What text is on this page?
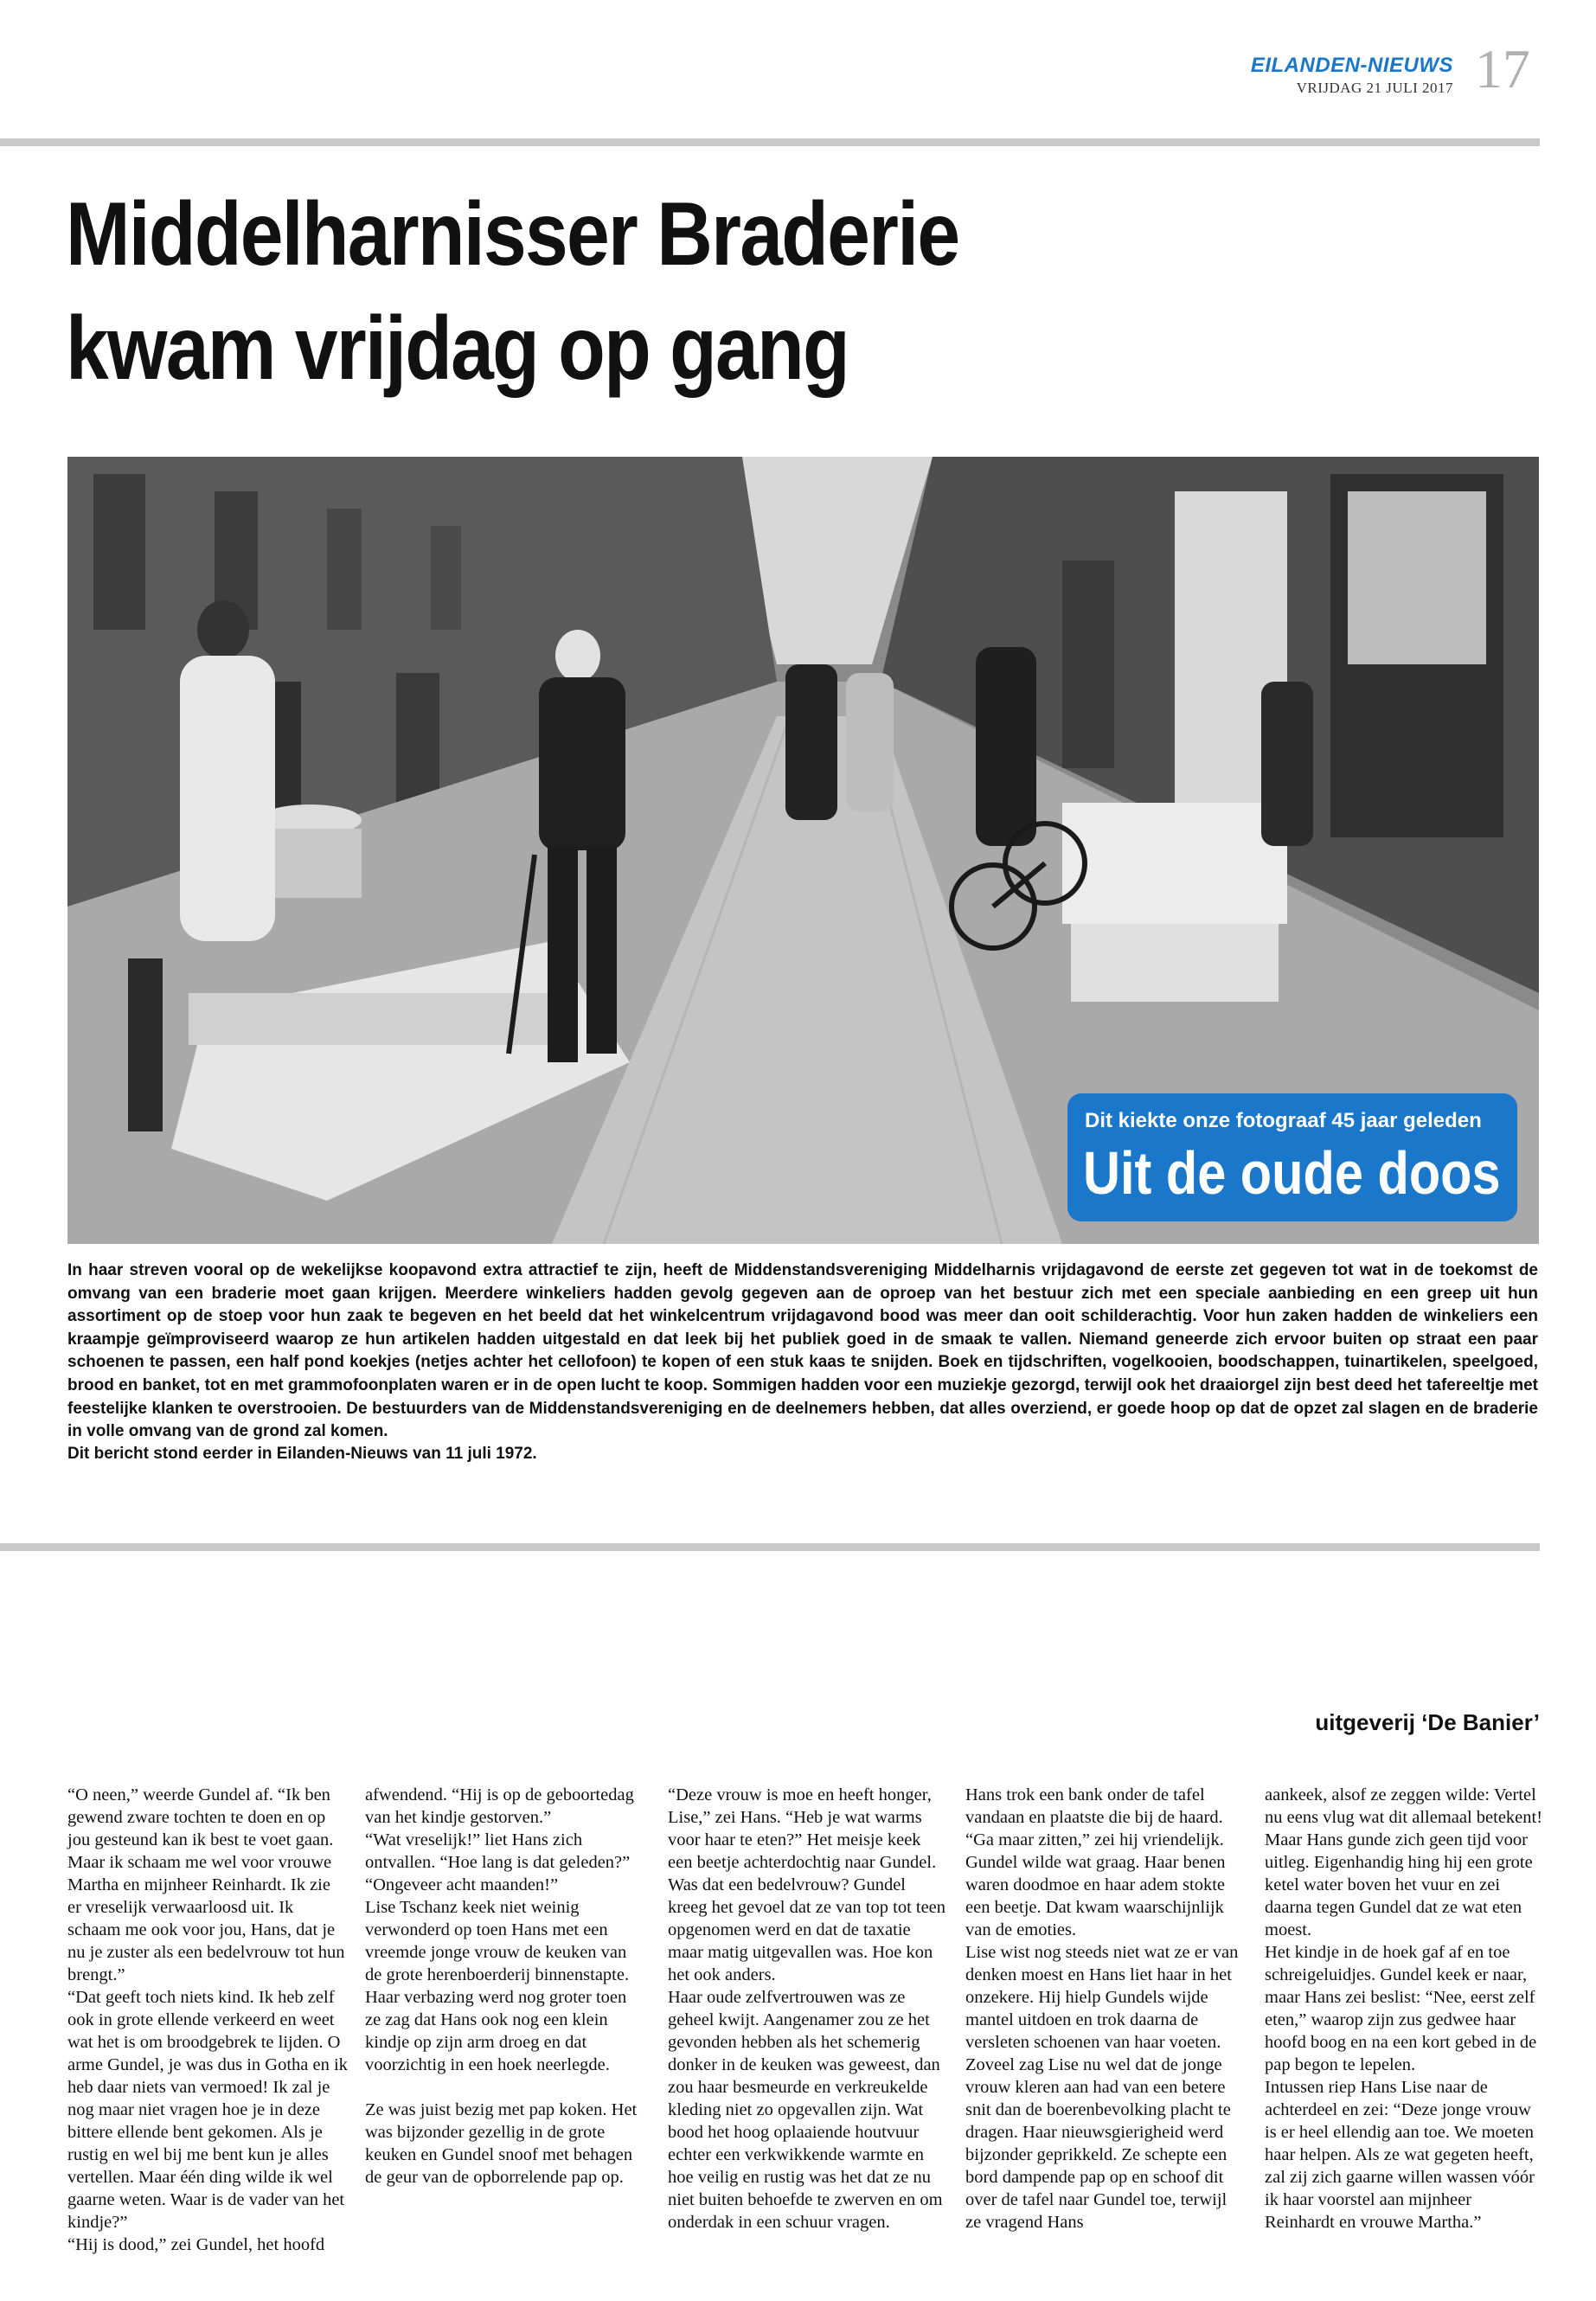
EILANDEN-NIEUWS
VRIJDAG 21 JULI 2017 17
Middelharnisser Braderie
kwam vrijdag op gang
Dit kiekte onze fotograaf 45 jaar geleden
Uit de oude doos
In haar streven vooral op de wekelijkse koopavond extra attractief te zijn, heeft de Middenstandsvereniging Middelharnis vrijdagavond de eerste zet gegeven tot wat in de toekomst de omvang van een braderie moet gaan krijgen. Meerdere winkeliers hadden gevolg gegeven aan de oproep van het bestuur zich met een speciale aanbieding en een greep uit hun assortiment op de stoep voor hun zaak te begeven en het beeld dat het winkelcentrum vrijdagavond bood was meer dan ooit schilderachtig. Voor hun zaken hadden de winkeliers een kraampje geïmproviseerd waarop ze hun artikelen hadden uitgestald en dat leek bij het publiek goed in de smaak te vallen. Niemand geneerde zich ervoor buiten op straat een paar schoenen te passen, een half pond koekjes (netjes achter het cellofoon) te kopen of een stuk kaas te snijden. Boek en tijdschriften, vogelkooien, boodschappen, tuinartikelen, speelgoed, brood en banket, tot en met grammofoonplaten waren er in de open lucht te koop. Sommigen hadden voor een muziekje gezorgd, terwijl ook het draaiorgel zijn best deed het tafereeltje met feestelijke klanken te overstrooien. De bestuurders van de Middenstandsvereniging en de deelnemers hebben, dat alles overziend, er goede hoop op dat de opzet zal slagen en de braderie in volle omvang van de grond zal komen.
Dit bericht stond eerder in Eilanden-Nieuws van 11 juli 1972.
uitgeverij ‘De Banier’

“O neen,” weerde Gundel af. “Ik ben gewend zware tochten te doen en op jou gesteund kan ik best te voet gaan. Maar ik schaam me wel voor vrouwe Martha en mijnheer Reinhardt. Ik zie er vreselijk verwaarloosd uit. Ik schaam me ook voor jou, Hans, dat je nu je zuster als een bedelvrouw tot hun brengt.”

“Dat geeft toch niets kind. Ik heb zelf ook in grote ellende verkeerd en weet wat het is om broodgebrek te lijden. O arme Gundel, je was dus in Gotha en ik heb daar niets van vermoed! Ik zal je nog maar niet vragen hoe je in deze bittere ellende bent gekomen. Als je rustig en wel bij me bent kun je alles vertellen. Maar één ding wilde ik wel gaarne weten. Waar is de vader van het kindje?”

“Hij is dood,” zei Gundel, het hoofd

afwendend. “Hij is op de geboortedag van het kindje gestorven.”

“Wat vreselijk!” liet Hans zich ontvallen. “Hoe lang is dat geleden?”

“Ongeveer acht maanden!”

Lise Tschanz keek niet weinig verwonderd op toen Hans met een vreemde jonge vrouw de keuken van de grote herenboerderij binnenstapte. Haar verbazing werd nog groter toen ze zag dat Hans ook nog een klein kindje op zijn arm droeg en dat voorzichtig in een hoek neerlegde.

Ze was juist bezig met pap koken. Het was bijzonder gezellig in de grote keuken en Gundel snoof met behagen de geur van de opborrelende pap op.

“Deze vrouw is moe en heeft honger, Lise,” zei Hans. “Heb je wat warms voor haar te eten?” Het meisje keek een beetje achterdochtig naar Gundel. Was dat een bedelvrouw? Gundel kreeg het gevoel dat ze van top tot teen opgenomen werd en dat de taxatie maar matig uitgevallen was. Hoe kon het ook anders.

Haar oude zelfvertrouwen was ze geheel kwijt. Aangenamer zou ze het gevonden hebben als het schemerig donker in de keuken was geweest, dan zou haar besmeurde en verkreukelde kleding niet zo opgevallen zijn. Wat bood het hoog oplaaiende houtvuur echter een verkwikkende warmte en hoe veilig en rustig was het dat ze nu niet buiten behoefde te zwerven en om onderdak in een schuur vragen.

Hans trok een bank onder de tafel vandaan en plaatste die bij de haard.

“Ga maar zitten,” zei hij vriendelijk. Gundel wilde wat graag. Haar benen waren doodmoe en haar adem stokte een beetje. Dat kwam waarschijnlijk van de emoties.

Lise wist nog steeds niet wat ze er van denken moest en Hans liet haar in het onzekere. Hij hielp Gundels wijde mantel uitdoen en trok daarna de versleten schoenen van haar voeten.

Zoveel zag Lise nu wel dat de jonge vrouw kleren aan had van een betere snit dan de boerenbevolking placht te dragen. Haar nieuwsgierigheid werd bijzonder geprikkeld. Ze schepte een bord dampende pap op en schoof dit over de tafel naar Gundel toe, terwijl ze vragend Hans

aankeek, alsof ze zeggen wilde: Vertel nu eens vlug wat dit allemaal betekent! Maar Hans gunde zich geen tijd voor uitleg. Eigenhandig hing hij een grote ketel water boven het vuur en zei daarna tegen Gundel dat ze wat eten moest.

Het kindje in de hoek gaf af en toe schreigeluidjes. Gundel keek er naar, maar Hans zei beslist: “Nee, eerst zelf eten,” waarop zijn zus gedwee haar hoofd boog en na een kort gebed in de pap begon te lepelen.

Intussen riep Hans Lise naar de achterdeel en zei: “Deze jonge vrouw is er heel ellendig aan toe. We moeten haar helpen. Als ze wat gegeten heeft, zal zij zich gaarne willen wassen vóór ik haar voorstel aan mijnheer Reinhardt en vrouwe Martha.”
